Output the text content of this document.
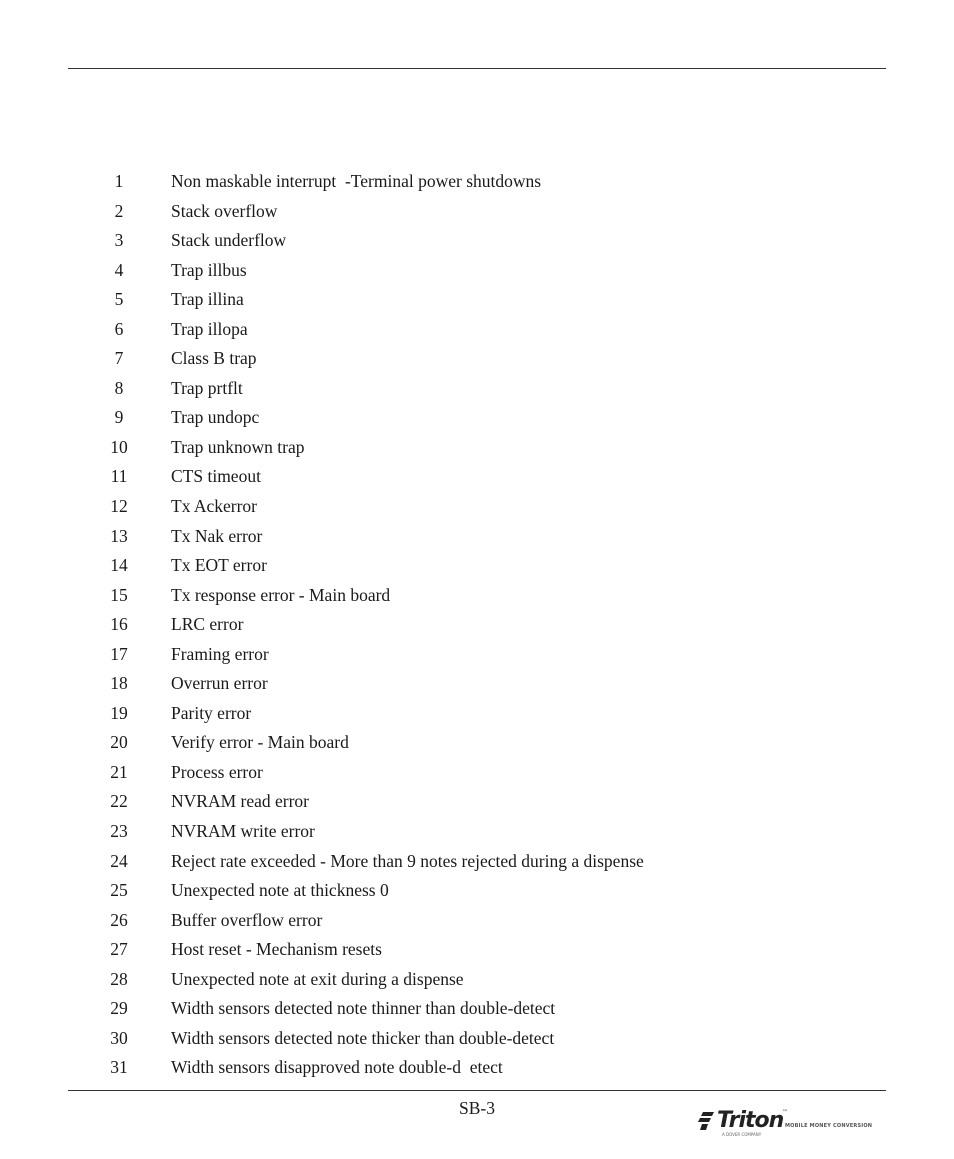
1	Non maskable interrupt  -Terminal power shutdowns
2	Stack overflow
3	Stack underflow
4	Trap illbus
5	Trap illina
6	Trap illopa
7	Class B trap
8	Trap prtflt
9	Trap undopc
10	Trap unknown trap
11	CTS timeout
12	Tx Ackerror
13	Tx Nak error
14	Tx EOT error
15	Tx response error - Main board
16	LRC error
17	Framing error
18	Overrun error
19	Parity error
20	Verify error - Main board
21	Process error
22	NVRAM read error
23	NVRAM write error
24	Reject rate exceeded - More than 9 notes rejected during a dispense
25	Unexpected note at thickness 0
26	Buffer overflow error
27	Host reset - Mechanism resets
28	Unexpected note at exit during a dispense
29	Width sensors detected note thinner than double-detect
30	Width sensors detected note thicker than double-detect
31	Width sensors disapproved note double-d  etect
SB-3	Triton
™
MOBILE MONEY CONVERSION
A DOVER COMPANY
